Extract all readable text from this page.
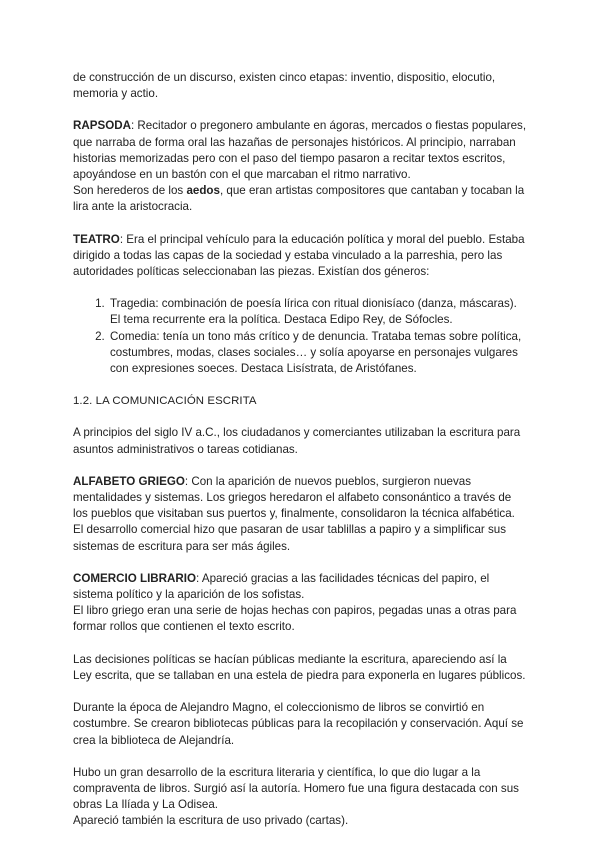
de construcción de un discurso, existen cinco etapas: inventio, dispositio, elocutio, memoria y actio.

RAPSODA: Recitador o pregonero ambulante en ágoras, mercados o fiestas populares, que narraba de forma oral las hazañas de personajes históricos. Al principio, narraban historias memorizadas pero con el paso del tiempo pasaron a recitar textos escritos, apoyándose en un bastón con el que marcaban el ritmo narrativo.

Son herederos de los aedos, que eran artistas compositores que cantaban y tocaban la lira ante la aristocracia.

TEATRO: Era el principal vehículo para la educación política y moral del pueblo. Estaba dirigido a todas las capas de la sociedad y estaba vinculado a la parreshia, pero las autoridades políticas seleccionaban las piezas. Existían dos géneros:

1. Tragedia: combinación de poesía lírica con ritual dionisíaco (danza, máscaras). El tema recurrente era la política. Destaca Edipo Rey, de Sófocles.
2. Comedia: tenía un tono más crítico y de denuncia. Trataba temas sobre política, costumbres, modas, clases sociales… y solía apoyarse en personajes vulgares con expresiones soeces. Destaca Lisístrata, de Aristófanes.

1.2. LA COMUNICACIÓN ESCRITA

A principios del siglo IV a.C., los ciudadanos y comerciantes utilizaban la escritura para asuntos administrativos o tareas cotidianas.

ALFABETO GRIEGO: Con la aparición de nuevos pueblos, surgieron nuevas mentalidades y sistemas. Los griegos heredaron el alfabeto consonántico a través de los pueblos que visitaban sus puertos y, finalmente, consolidaron la técnica alfabética. El desarrollo comercial hizo que pasaran de usar tablillas a papiro y a simplificar sus sistemas de escritura para ser más ágiles.

COMERCIO LIBRARIO: Apareció gracias a las facilidades técnicas del papiro, el sistema político y la aparición de los sofistas.

El libro griego eran una serie de hojas hechas con papiros, pegadas unas a otras para formar rollos que contienen el texto escrito.

Las decisiones políticas se hacían públicas mediante la escritura, apareciendo así la Ley escrita, que se tallaban en una estela de piedra para exponerla en lugares públicos.

Durante la época de Alejandro Magno, el coleccionismo de libros se convirtió en costumbre. Se crearon bibliotecas públicas para la recopilación y conservación. Aquí se crea la biblioteca de Alejandría.

Hubo un gran desarrollo de la escritura literaria y científica, lo que dio lugar a la compraventa de libros. Surgió así la autoría. Homero fue una figura destacada con sus obras La Ilíada y La Odisea.

Apareció también la escritura de uso privado (cartas).
